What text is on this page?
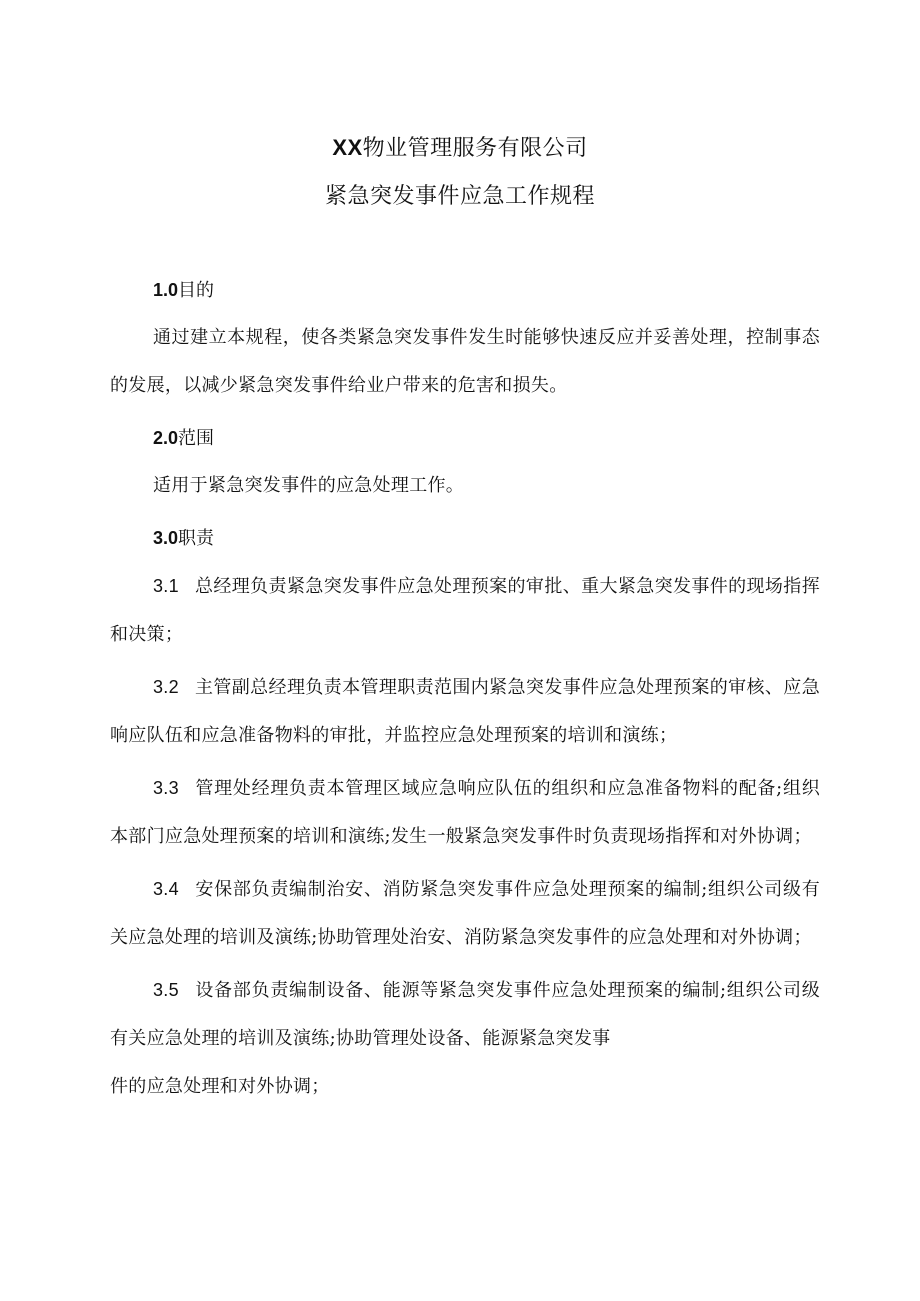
XX物业管理服务有限公司
紧急突发事件应急工作规程
1.0目的

通过建立本规程，使各类紧急突发事件发生时能够快速反应并妥善处理，控制事态的发展，以减少紧急突发事件给业户带来的危害和损失。

2.0范围

适用于紧急突发事件的应急处理工作。

3.0职责

3.1 总经理负责紧急突发事件应急处理预案的审批、重大紧急突发事件的现场指挥和决策；

3.2 主管副总经理负责本管理职责范围内紧急突发事件应急处理预案的审核、应急响应队伍和应急准备物料的审批，并监控应急处理预案的培训和演练；

3.3 管理处经理负责本管理区域应急响应队伍的组织和应急准备物料的配备;组织本部门应急处理预案的培训和演练;发生一般紧急突发事件时负责现场指挥和对外协调；

3.4 安保部负责编制治安、消防紧急突发事件应急处理预案的编制;组织公司级有关应急处理的培训及演练;协助管理处治安、消防紧急突发事件的应急处理和对外协调；

3.5 设备部负责编制设备、能源等紧急突发事件应急处理预案的编制;组织公司级有关应急处理的培训及演练;协助管理处设备、能源紧急突发事
件的应急处理和对外协调；
